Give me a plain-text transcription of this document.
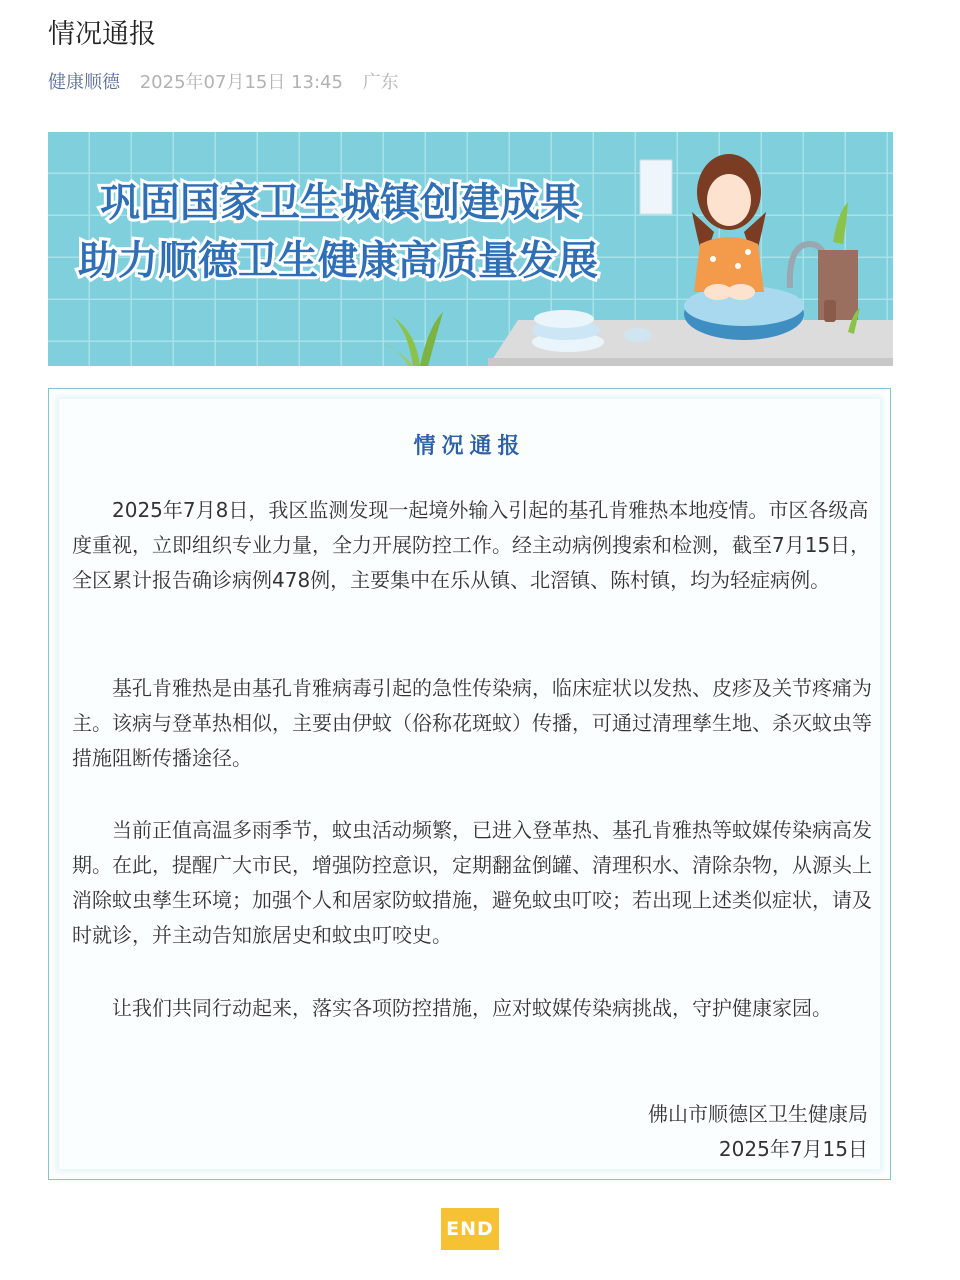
情况通报
健康顺德 2025年07月15日 13:45 广东
巩固国家卫生城镇创建成果
助力顺德卫生健康高质量发展
情况通报

2025年7月8日，我区监测发现一起境外输入引起的基孔肯雅热本地疫情。市区各级高度重视，立即组织专业力量，全力开展防控工作。经主动病例搜索和检测，截至7月15日，全区累计报告确诊病例478例，主要集中在乐从镇、北滘镇、陈村镇，均为轻症病例。

基孔肯雅热是由基孔肯雅病毒引起的急性传染病，临床症状以发热、皮疹及关节疼痛为主。该病与登革热相似，主要由伊蚊（俗称花斑蚊）传播，可通过清理孳生地、杀灭蚊虫等措施阻断传播途径。

当前正值高温多雨季节，蚊虫活动频繁，已进入登革热、基孔肯雅热等蚊媒传染病高发期。在此，提醒广大市民，增强防控意识，定期翻盆倒罐、清理积水、清除杂物，从源头上消除蚊虫孳生环境；加强个人和居家防蚊措施，避免蚊虫叮咬；若出现上述类似症状，请及时就诊，并主动告知旅居史和蚊虫叮咬史。

让我们共同行动起来，落实各项防控措施，应对蚊媒传染病挑战，守护健康家园。

佛山市顺德区卫生健康局
2025年7月15日
END
